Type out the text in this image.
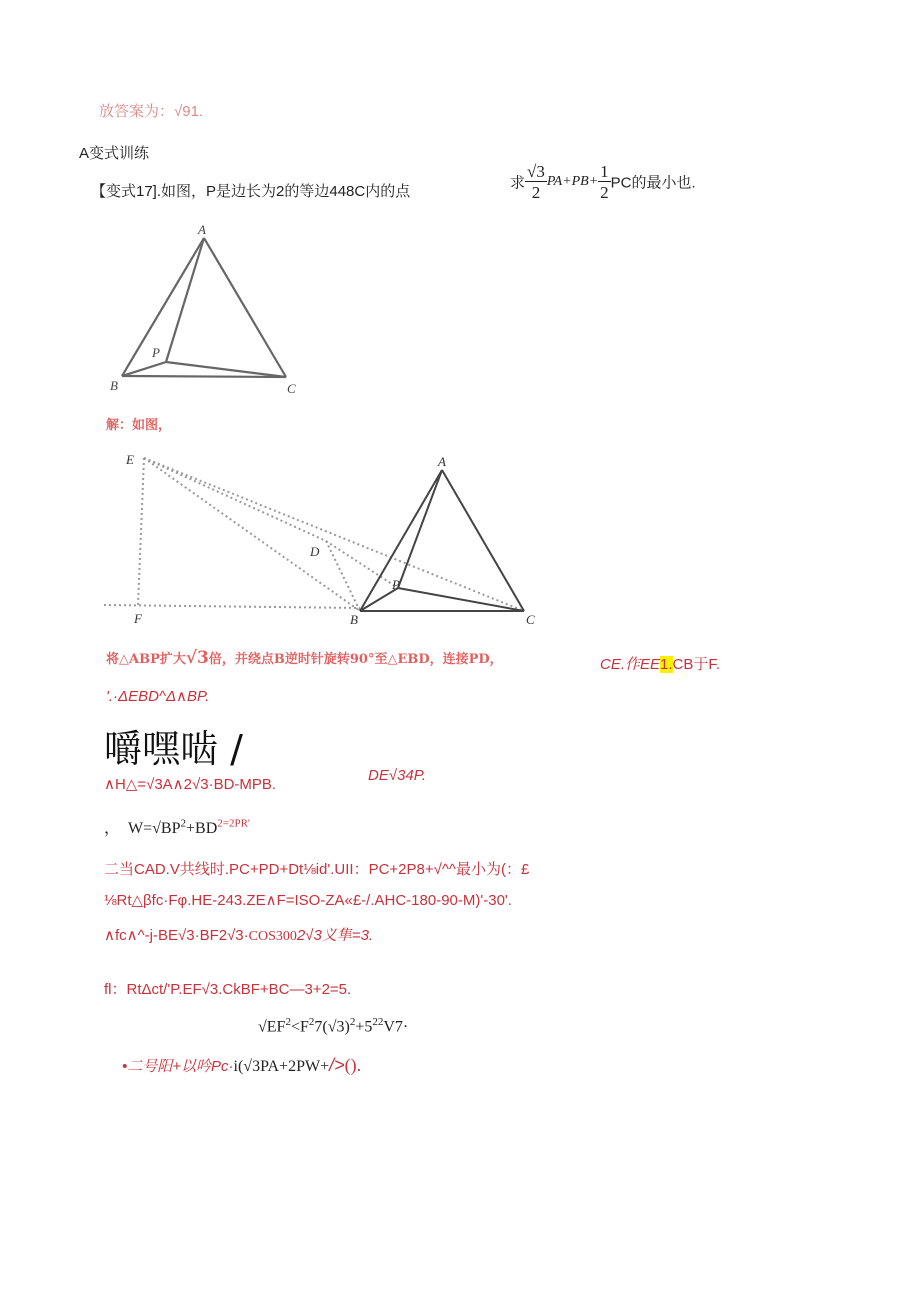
放答案为：√91.
A变式训练
【变式17].如图，P是边长为2的等边448C内的点	求 $\frac{√3}{2} PA+PB+ \frac{1}{2}$ PC的最小也.
A
P
B	C
解：如图，
E	A
D
P
F	B	C
将△ABP扩大√3倍，并绕点B逆时针旋转90°至△EBD，连接PD，	CE.作EE1.CB于F.
'.·ΔEBD^Δ∧BP.
嚼嘿啮 /
∧H△=√3A∧2√3·BD-MPB.
DE√34P.
， $W=√BP^2+BD^{2=2PR'}$
二当CAD.V共线时.PC+PD+Dt⅛id'.UII：PC+2P8+√^^最小为(：£
⅛Rt△βfc·Fφ.HE-243.ZE∧F=ISO-ZA«£-/.AHC-180-90-M)'-30'.
∧fc∧^-j-BE√3·BF2√3·COS3002√3义隼=3.
fl：RtΔct/'P.EF√3.CkBF+BC—3+2=5.
$√EF^2<F^27(√3)^2+5^{22}V7\cdot$
•二号阳+以吟Pc·i(√3PA+2PW+/>().
